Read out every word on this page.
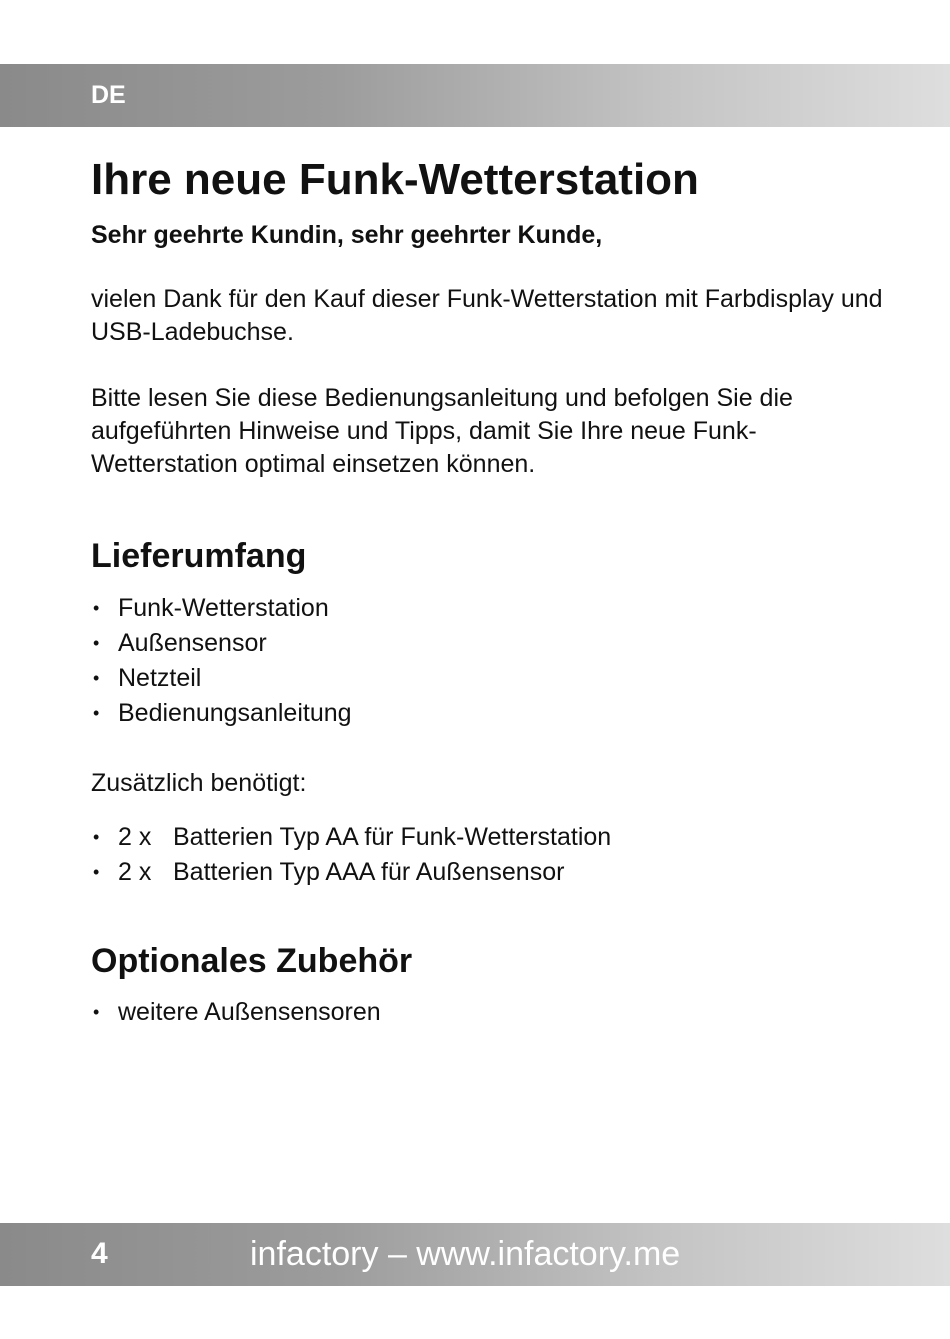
DE
Ihre neue Funk-Wetterstation

Sehr geehrte Kundin, sehr geehrter Kunde,

vielen Dank für den Kauf dieser Funk-Wetterstation mit Farbdisplay und USB-Ladebuchse.

Bitte lesen Sie diese Bedienungsanleitung und befolgen Sie die aufgeführten Hinweise und Tipps, damit Sie Ihre neue Funk-Wetterstation optimal einsetzen können.

Lieferumfang
• Funk-Wetterstation
• Außensensor
• Netzteil
• Bedienungsanleitung

Zusätzlich benötigt:

• 2 x Batterien Typ AA für Funk-Wetterstation
• 2 x Batterien Typ AAA für Außensensor
Optionales Zubehör
• weitere Außensensoren
4	infactory – www.infactory.me
